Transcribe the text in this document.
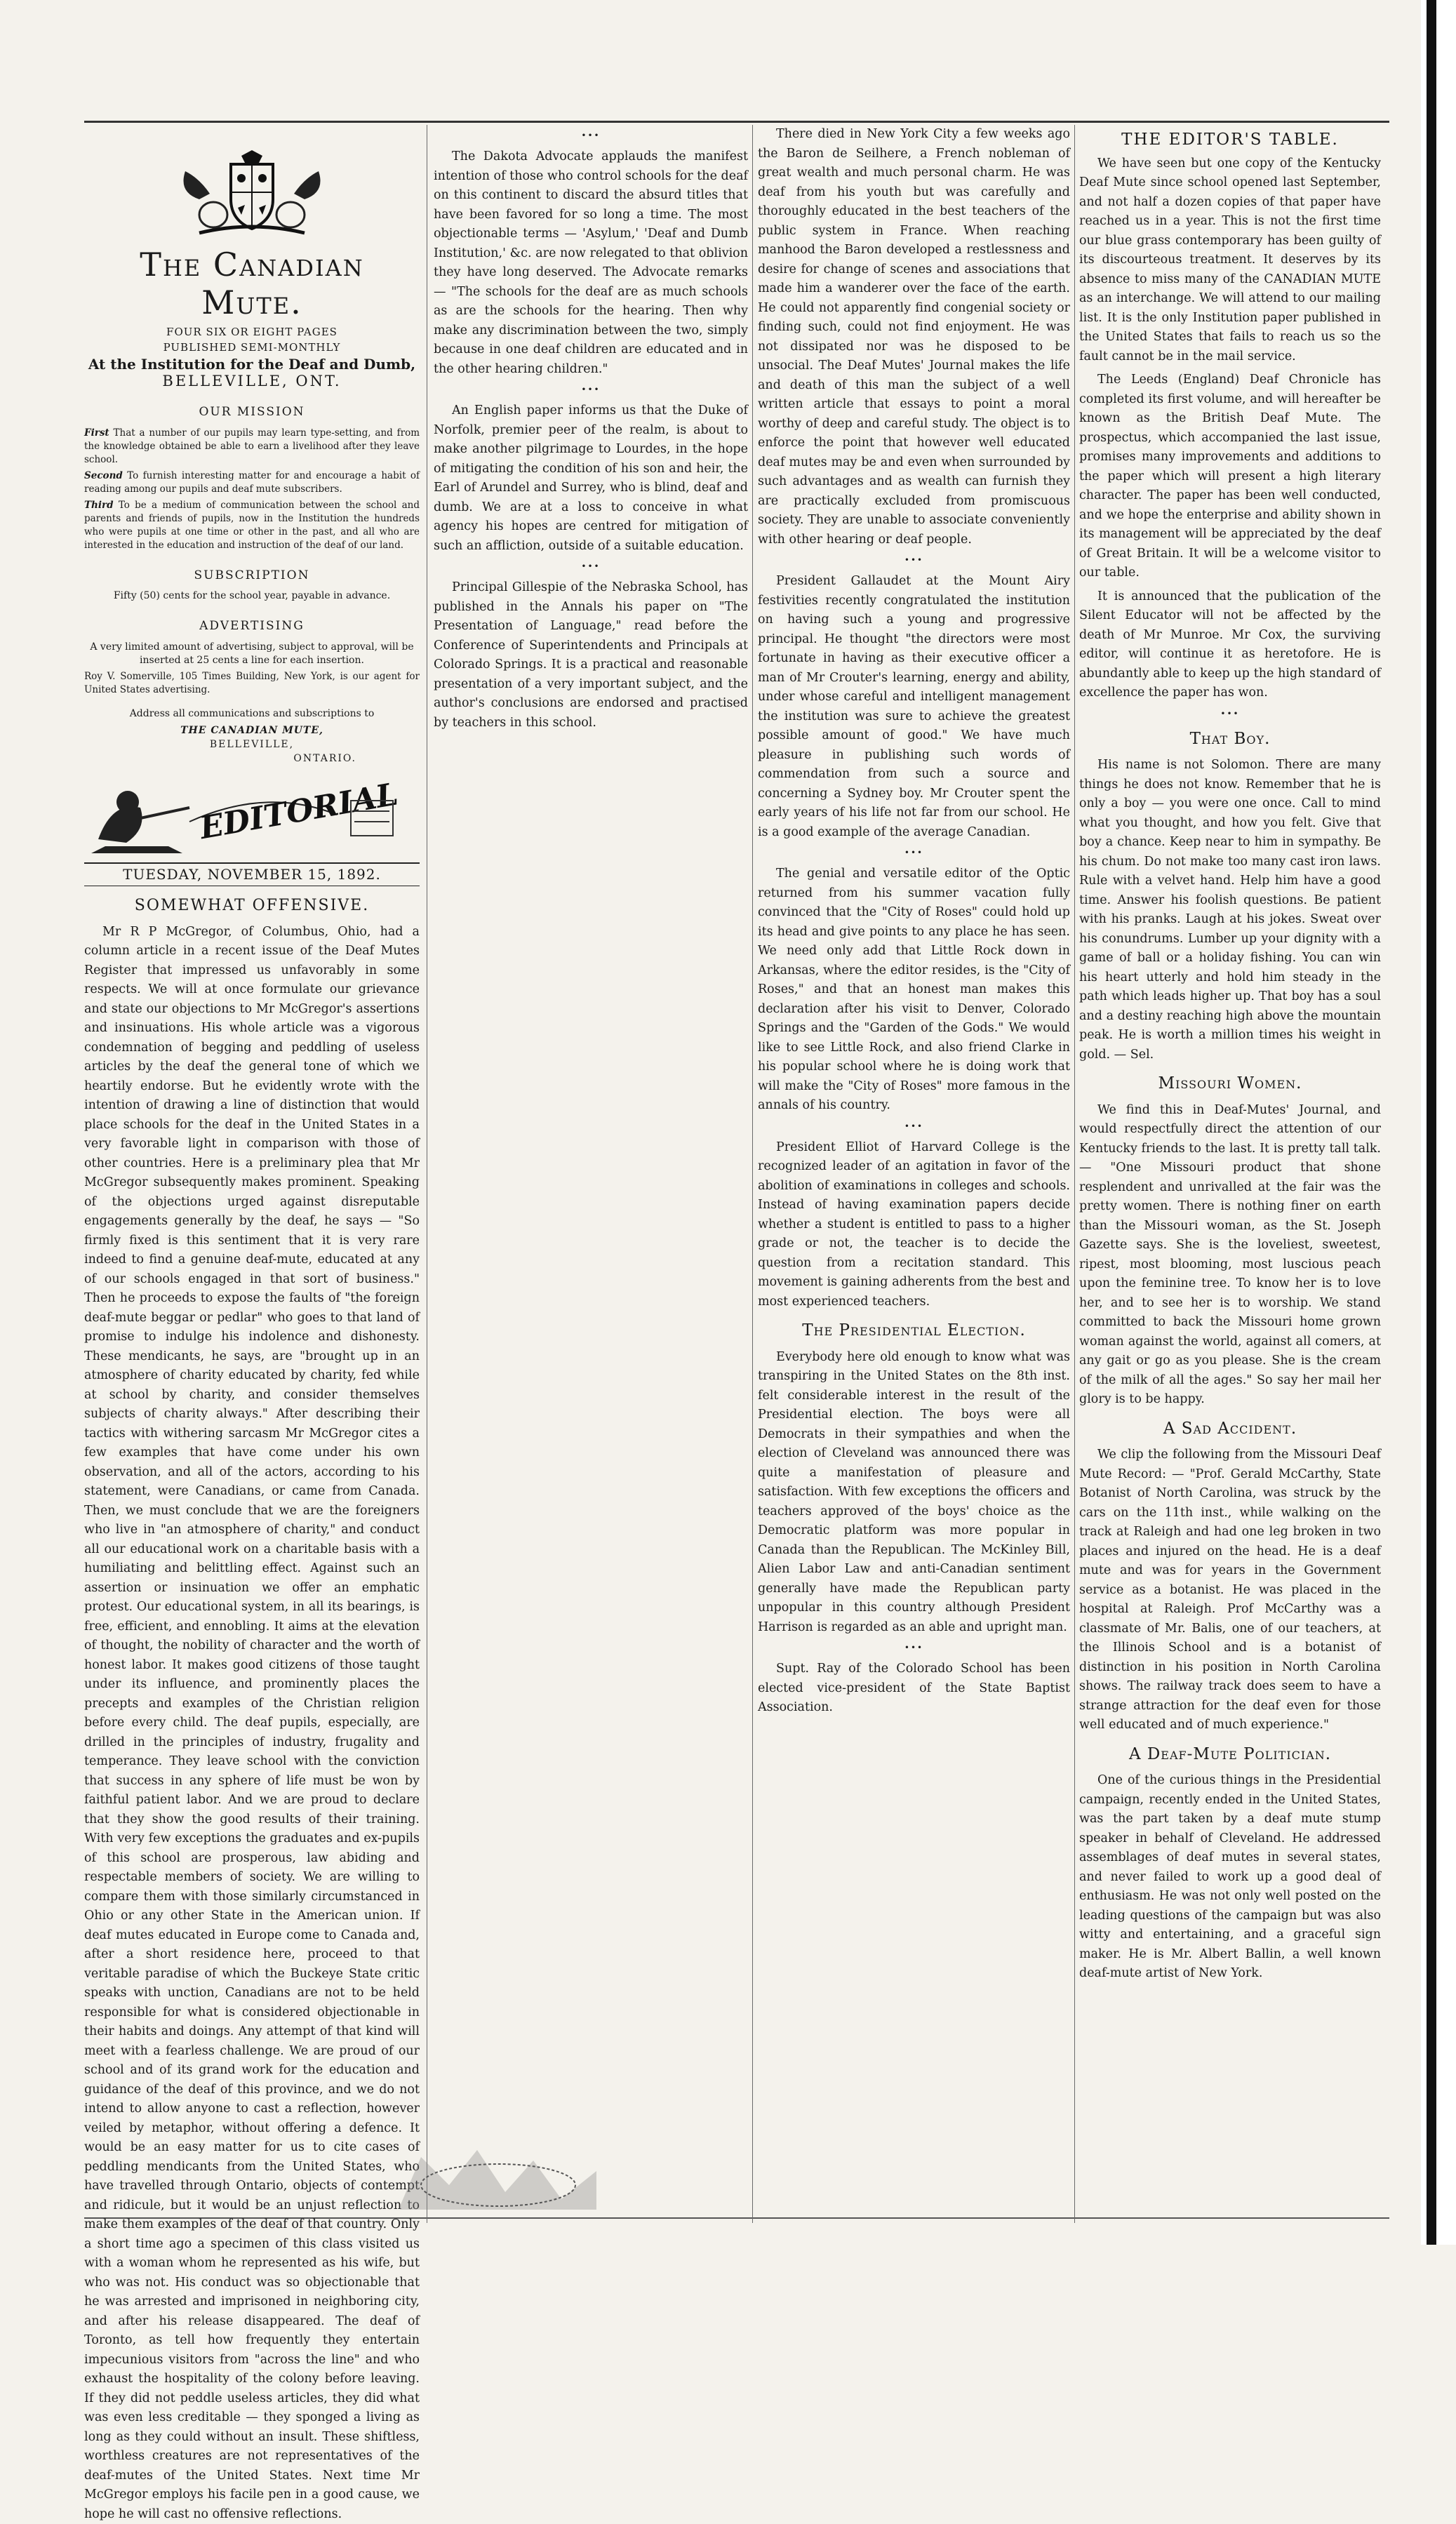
The Canadian Mute.
FOUR SIX OR EIGHT PAGES
PUBLISHED SEMI-MONTHLY
At the Institution for the Deaf and Dumb,
BELLEVILLE, ONT.
OUR MISSION
First That a number of our pupils may learn type-setting, and from the knowledge obtained be able to earn a livelihood after they leave school.
Second To furnish interesting matter for and encourage a habit of reading among our pupils and deaf mute subscribers.
Third To be a medium of communication between the school and parents and friends of pupils, now in the Institution the hundreds who were pupils at one time or other in the past, and all who are interested in the education and instruction of the deaf of our land.
SUBSCRIPTION
Fifty (50) cents for the school year, payable in advance.
ADVERTISING
A very limited amount of advertising, subject to approval, will be inserted at 25 cents a line for each insertion.
Roy V. Somerville, 105 Times Building, New York, is our agent for United States advertising.
Address all communications and subscriptions to
THE CANADIAN MUTE,
BELLEVILLE,
ONTARIO.
EDITORIAL
TUESDAY, NOVEMBER 15, 1892.
SOMEWHAT OFFENSIVE.

Mr R P McGregor, of Columbus, Ohio, had a column article in a recent issue of the Deaf Mutes Register that impressed us unfavorably in some respects. We will at once formulate our grievance and state our objections to Mr McGregor's assertions and insinuations. His whole article was a vigorous condemnation of begging and peddling of useless articles by the deaf the general tone of which we heartily endorse. But he evidently wrote with the intention of drawing a line of distinction that would place schools for the deaf in the United States in a very favorable light in comparison with those of other countries. Here is a preliminary plea that Mr McGregor subsequently makes prominent. Speaking of the objections urged against disreputable engagements generally by the deaf, he says — "So firmly fixed is this sentiment that it is very rare indeed to find a genuine deaf-mute, educated at any of our schools engaged in that sort of business." Then he proceeds to expose the faults of "the foreign deaf-mute beggar or pedlar" who goes to that land of promise to indulge his indolence and dishonesty. These mendicants, he says, are "brought up in an atmosphere of charity educated by charity, fed while at school by charity, and consider themselves subjects of charity always." After describing their tactics with withering sarcasm Mr McGregor cites a few examples that have come under his own observation, and all of the actors, according to his statement, were Canadians, or came from Canada. Then, we must conclude that we are the foreigners who live in "an atmosphere of charity," and conduct all our educational work on a charitable basis with a humiliating and belittling effect. Against such an assertion or insinuation we offer an emphatic protest. Our educational system, in all its bearings, is free, efficient, and ennobling. It aims at the elevation of thought, the nobility of character and the worth of honest labor. It makes good citizens of those taught under its influence, and prominently places the precepts and examples of the Christian religion before every child. The deaf pupils, especially, are drilled in the principles of industry, frugality and temperance. They leave school with the conviction that success in any sphere of life must be won by faithful patient labor. And we are proud to declare that they show the good results of their training. With very few exceptions the graduates and ex-pupils of this school are prosperous, law abiding and respectable members of society. We are willing to compare them with those similarly circumstanced in Ohio or any other State in the American union. If deaf mutes educated in Europe come to Canada and, after a short residence here, proceed to that veritable paradise of which the Buckeye State critic speaks with unction, Canadians are not to be held responsible for what is considered objectionable in their habits and doings. Any attempt of that kind will meet with a fearless challenge. We are proud of our school and of its grand work for the education and guidance of the deaf of this province, and we do not intend to allow anyone to cast a reflection, however veiled by metaphor, without offering a defence. It would be an easy matter for us to cite cases of peddling mendicants from the United States, who have travelled through Ontario, objects of contempt and ridicule, but it would be an unjust reflection to make them examples of the deaf of that country. Only a short time ago a specimen of this class visited us with a woman whom he represented as his wife, but who was not. His conduct was so objectionable that he was arrested and imprisoned in neighboring city, and after his release disappeared. The deaf of Toronto, as tell how frequently they entertain impecunious visitors from "across the line" and who exhaust the hospitality of the colony before leaving. If they did not peddle useless articles, they did what was even less creditable — they sponged a living as long as they could without an insult. These shiftless, worthless creatures are not representatives of the deaf-mutes of the United States. Next time Mr McGregor employs his facile pen in a good cause, we hope he will cast no offensive reflections.

•••

The Dakota Advocate applauds the manifest intention of those who control schools for the deaf on this continent to discard the absurd titles that have been favored for so long a time. The most objectionable terms — 'Asylum,' 'Deaf and Dumb Institution,' &c. are now relegated to that oblivion they have long deserved. The Advocate remarks — "The schools for the deaf are as much schools as are the schools for the hearing. Then why make any discrimination between the two, simply because in one deaf children are educated and in the other hearing children."

•••

An English paper informs us that the Duke of Norfolk, premier peer of the realm, is about to make another pilgrimage to Lourdes, in the hope of mitigating the condition of his son and heir, the Earl of Arundel and Surrey, who is blind, deaf and dumb. We are at a loss to conceive in what agency his hopes are centred for mitigation of such an affliction, outside of a suitable education.

•••

Principal Gillespie of the Nebraska School, has published in the Annals his paper on "The Presentation of Language," read before the Conference of Superintendents and Principals at Colorado Springs. It is a practical and reasonable presentation of a very important subject, and the author's conclusions are endorsed and practised by teachers in this school.

There died in New York City a few weeks ago the Baron de Seilhere, a French nobleman of great wealth and much personal charm. He was deaf from his youth but was carefully and thoroughly educated in the best teachers of the public system in France. When reaching manhood the Baron developed a restlessness and desire for change of scenes and associations that made him a wanderer over the face of the earth. He could not apparently find congenial society or finding such, could not find enjoyment. He was not dissipated nor was he disposed to be unsocial. The Deaf Mutes' Journal makes the life and death of this man the subject of a well written article that essays to point a moral worthy of deep and careful study. The object is to enforce the point that however well educated deaf mutes may be and even when surrounded by such advantages and as wealth can furnish they are practically excluded from promiscuous society. They are unable to associate conveniently with other hearing or deaf people.

•••

President Gallaudet at the Mount Airy festivities recently congratulated the institution on having such a young and progressive principal. He thought "the directors were most fortunate in having as their executive officer a man of Mr Crouter's learning, energy and ability, under whose careful and intelligent management the institution was sure to achieve the greatest possible amount of good." We have much pleasure in publishing such words of commendation from such a source and concerning a Sydney boy. Mr Crouter spent the early years of his life not far from our school. He is a good example of the average Canadian.

•••

The genial and versatile editor of the Optic returned from his summer vacation fully convinced that the "City of Roses" could hold up its head and give points to any place he has seen. We need only add that Little Rock down in Arkansas, where the editor resides, is the "City of Roses," and that an honest man makes this declaration after his visit to Denver, Colorado Springs and the "Garden of the Gods." We would like to see Little Rock, and also friend Clarke in his popular school where he is doing work that will make the "City of Roses" more famous in the annals of his country.

•••

President Elliot of Harvard College is the recognized leader of an agitation in favor of the abolition of examinations in colleges and schools. Instead of having examination papers decide whether a student is entitled to pass to a higher grade or not, the teacher is to decide the question from a recitation standard. This movement is gaining adherents from the best and most experienced teachers.

The Presidential Election.

Everybody here old enough to know what was transpiring in the United States on the 8th inst. felt considerable interest in the result of the Presidential election. The boys were all Democrats in their sympathies and when the election of Cleveland was announced there was quite a manifestation of pleasure and satisfaction. With few exceptions the officers and teachers approved of the boys' choice as the Democratic platform was more popular in Canada than the Republican. The McKinley Bill, Alien Labor Law and anti-Canadian sentiment generally have made the Republican party unpopular in this country although President Harrison is regarded as an able and upright man.

•••

Supt. Ray of the Colorado School has been elected vice-president of the State Baptist Association.

THE EDITOR'S TABLE.

We have seen but one copy of the Kentucky Deaf Mute since school opened last September, and not half a dozen copies of that paper have reached us in a year. This is not the first time our blue grass contemporary has been guilty of its discourteous treatment. It deserves by its absence to miss many of the CANADIAN MUTE as an interchange. We will attend to our mailing list. It is the only Institution paper published in the United States that fails to reach us so the fault cannot be in the mail service.

The Leeds (England) Deaf Chronicle has completed its first volume, and will hereafter be known as the British Deaf Mute. The prospectus, which accompanied the last issue, promises many improvements and additions to the paper which will present a high literary character. The paper has been well conducted, and we hope the enterprise and ability shown in its management will be appreciated by the deaf of Great Britain. It will be a welcome visitor to our table.

It is announced that the publication of the Silent Educator will not be affected by the death of Mr Munroe. Mr Cox, the surviving editor, will continue it as heretofore. He is abundantly able to keep up the high standard of excellence the paper has won.

•••
That Boy.

His name is not Solomon. There are many things he does not know. Remember that he is only a boy — you were one once. Call to mind what you thought, and how you felt. Give that boy a chance. Keep near to him in sympathy. Be his chum. Do not make too many cast iron laws. Rule with a velvet hand. Help him have a good time. Answer his foolish questions. Be patient with his pranks. Laugh at his jokes. Sweat over his conundrums. Lumber up your dignity with a game of ball or a holiday fishing. You can win his heart utterly and hold him steady in the path which leads higher up. That boy has a soul and a destiny reaching high above the mountain peak. He is worth a million times his weight in gold. — Sel.

Missouri Women.

We find this in Deaf-Mutes' Journal, and would respectfully direct the attention of our Kentucky friends to the last. It is pretty tall talk. — "One Missouri product that shone resplendent and unrivalled at the fair was the pretty women. There is nothing finer on earth than the Missouri woman, as the St. Joseph Gazette says. She is the loveliest, sweetest, ripest, most blooming, most luscious peach upon the feminine tree. To know her is to love her, and to see her is to worship. We stand committed to back the Missouri home grown woman against the world, against all comers, at any gait or go as you please. She is the cream of the milk of all the ages." So say her mail her glory is to be happy.

A Sad Accident.

We clip the following from the Missouri Deaf Mute Record: — "Prof. Gerald McCarthy, State Botanist of North Carolina, was struck by the cars on the 11th inst., while walking on the track at Raleigh and had one leg broken in two places and injured on the head. He is a deaf mute and was for years in the Government service as a botanist. He was placed in the hospital at Raleigh. Prof McCarthy was a classmate of Mr. Balis, one of our teachers, at the Illinois School and is a botanist of distinction in his position in North Carolina shows. The railway track does seem to have a strange attraction for the deaf even for those well educated and of much experience."

A Deaf-Mute Politician.

One of the curious things in the Presidential campaign, recently ended in the United States, was the part taken by a deaf mute stump speaker in behalf of Cleveland. He addressed assemblages of deaf mutes in several states, and never failed to work up a good deal of enthusiasm. He was not only well posted on the leading questions of the campaign but was also witty and entertaining, and a graceful sign maker. He is Mr. Albert Ballin, a well known deaf-mute artist of New York.
